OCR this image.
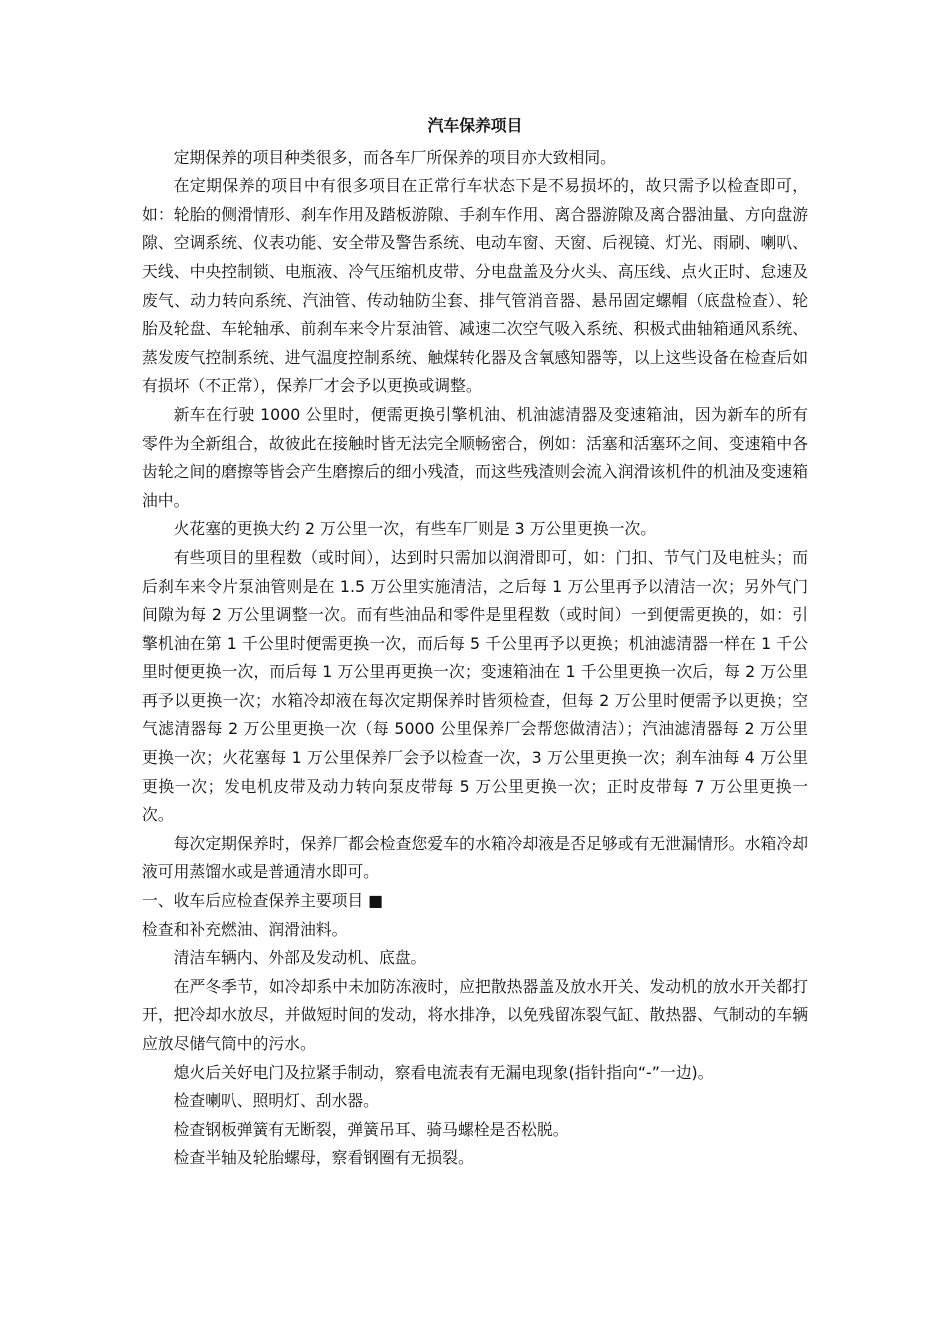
汽车保养项目

定期保养的项目种类很多，而各车厂所保养的项目亦大致相同。

在定期保养的项目中有很多项目在正常行车状态下是不易损坏的，故只需予以检查即可，如：轮胎的侧滑情形、刹车作用及踏板游隙、手刹车作用、离合器游隙及离合器油量、方向盘游隙、空调系统、仪表功能、安全带及警告系统、电动车窗、天窗、后视镜、灯光、雨刷、喇叭、天线、中央控制锁、电瓶液、冷气压缩机皮带、分电盘盖及分火头、高压线、点火正时、怠速及废气、动力转向系统、汽油管、传动轴防尘套、排气管消音器、悬吊固定螺帽（底盘检查）、轮胎及轮盘、车轮轴承、前刹车来令片泵油管、减速二次空气吸入系统、积极式曲轴箱通风系统、蒸发废气控制系统、进气温度控制系统、触煤转化器及含氧感知器等，以上这些设备在检查后如有损坏（不正常），保养厂才会予以更换或调整。

新车在行驶 1000 公里时，便需更换引擎机油、机油滤清器及变速箱油，因为新车的所有零件为全新组合，故彼此在接触时皆无法完全顺畅密合，例如：活塞和活塞环之间、变速箱中各齿轮之间的磨擦等皆会产生磨擦后的细小残渣，而这些残渣则会流入润滑该机件的机油及变速箱油中。

火花塞的更换大约 2 万公里一次，有些车厂则是 3 万公里更换一次。

有些项目的里程数（或时间），达到时只需加以润滑即可，如：门扣、节气门及电桩头；而后刹车来令片泵油管则是在 1.5 万公里实施清洁，之后每 1 万公里再予以清洁一次；另外气门间隙为每 2 万公里调整一次。而有些油品和零件是里程数（或时间）一到便需更换的，如：引擎机油在第 1 千公里时便需更换一次，而后每 5 千公里再予以更换；机油滤清器一样在 1 千公里时便更换一次，而后每 1 万公里再更换一次；变速箱油在 1 千公里更换一次后，每 2 万公里再予以更换一次；水箱冷却液在每次定期保养时皆须检查，但每 2 万公里时便需予以更换；空气滤清器每 2 万公里更换一次（每 5000 公里保养厂会帮您做清洁）；汽油滤清器每 2 万公里更换一次；火花塞每 1 万公里保养厂会予以检查一次，3 万公里更换一次；刹车油每 4 万公里更换一次；发电机皮带及动力转向泵皮带每 5 万公里更换一次；正时皮带每 7 万公里更换一次。

每次定期保养时，保养厂都会检查您爱车的水箱冷却液是否足够或有无泄漏情形。水箱冷却液可用蒸馏水或是普通清水即可。

一、收车后应检查保养主要项目 ■

检查和补充燃油、润滑油料。

清洁车辆内、外部及发动机、底盘。

在严冬季节，如冷却系中未加防冻液时，应把散热器盖及放水开关、发动机的放水开关都打开，把冷却水放尽，并做短时间的发动，将水排净，以免残留冻裂气缸、散热器、气制动的车辆应放尽储气筒中的污水。

熄火后关好电门及拉紧手制动，察看电流表有无漏电现象(指针指向“-”一边)。

检查喇叭、照明灯、刮水器。

检查钢板弹簧有无断裂，弹簧吊耳、骑马螺栓是否松脱。

检查半轴及轮胎螺母，察看钢圈有无损裂。
